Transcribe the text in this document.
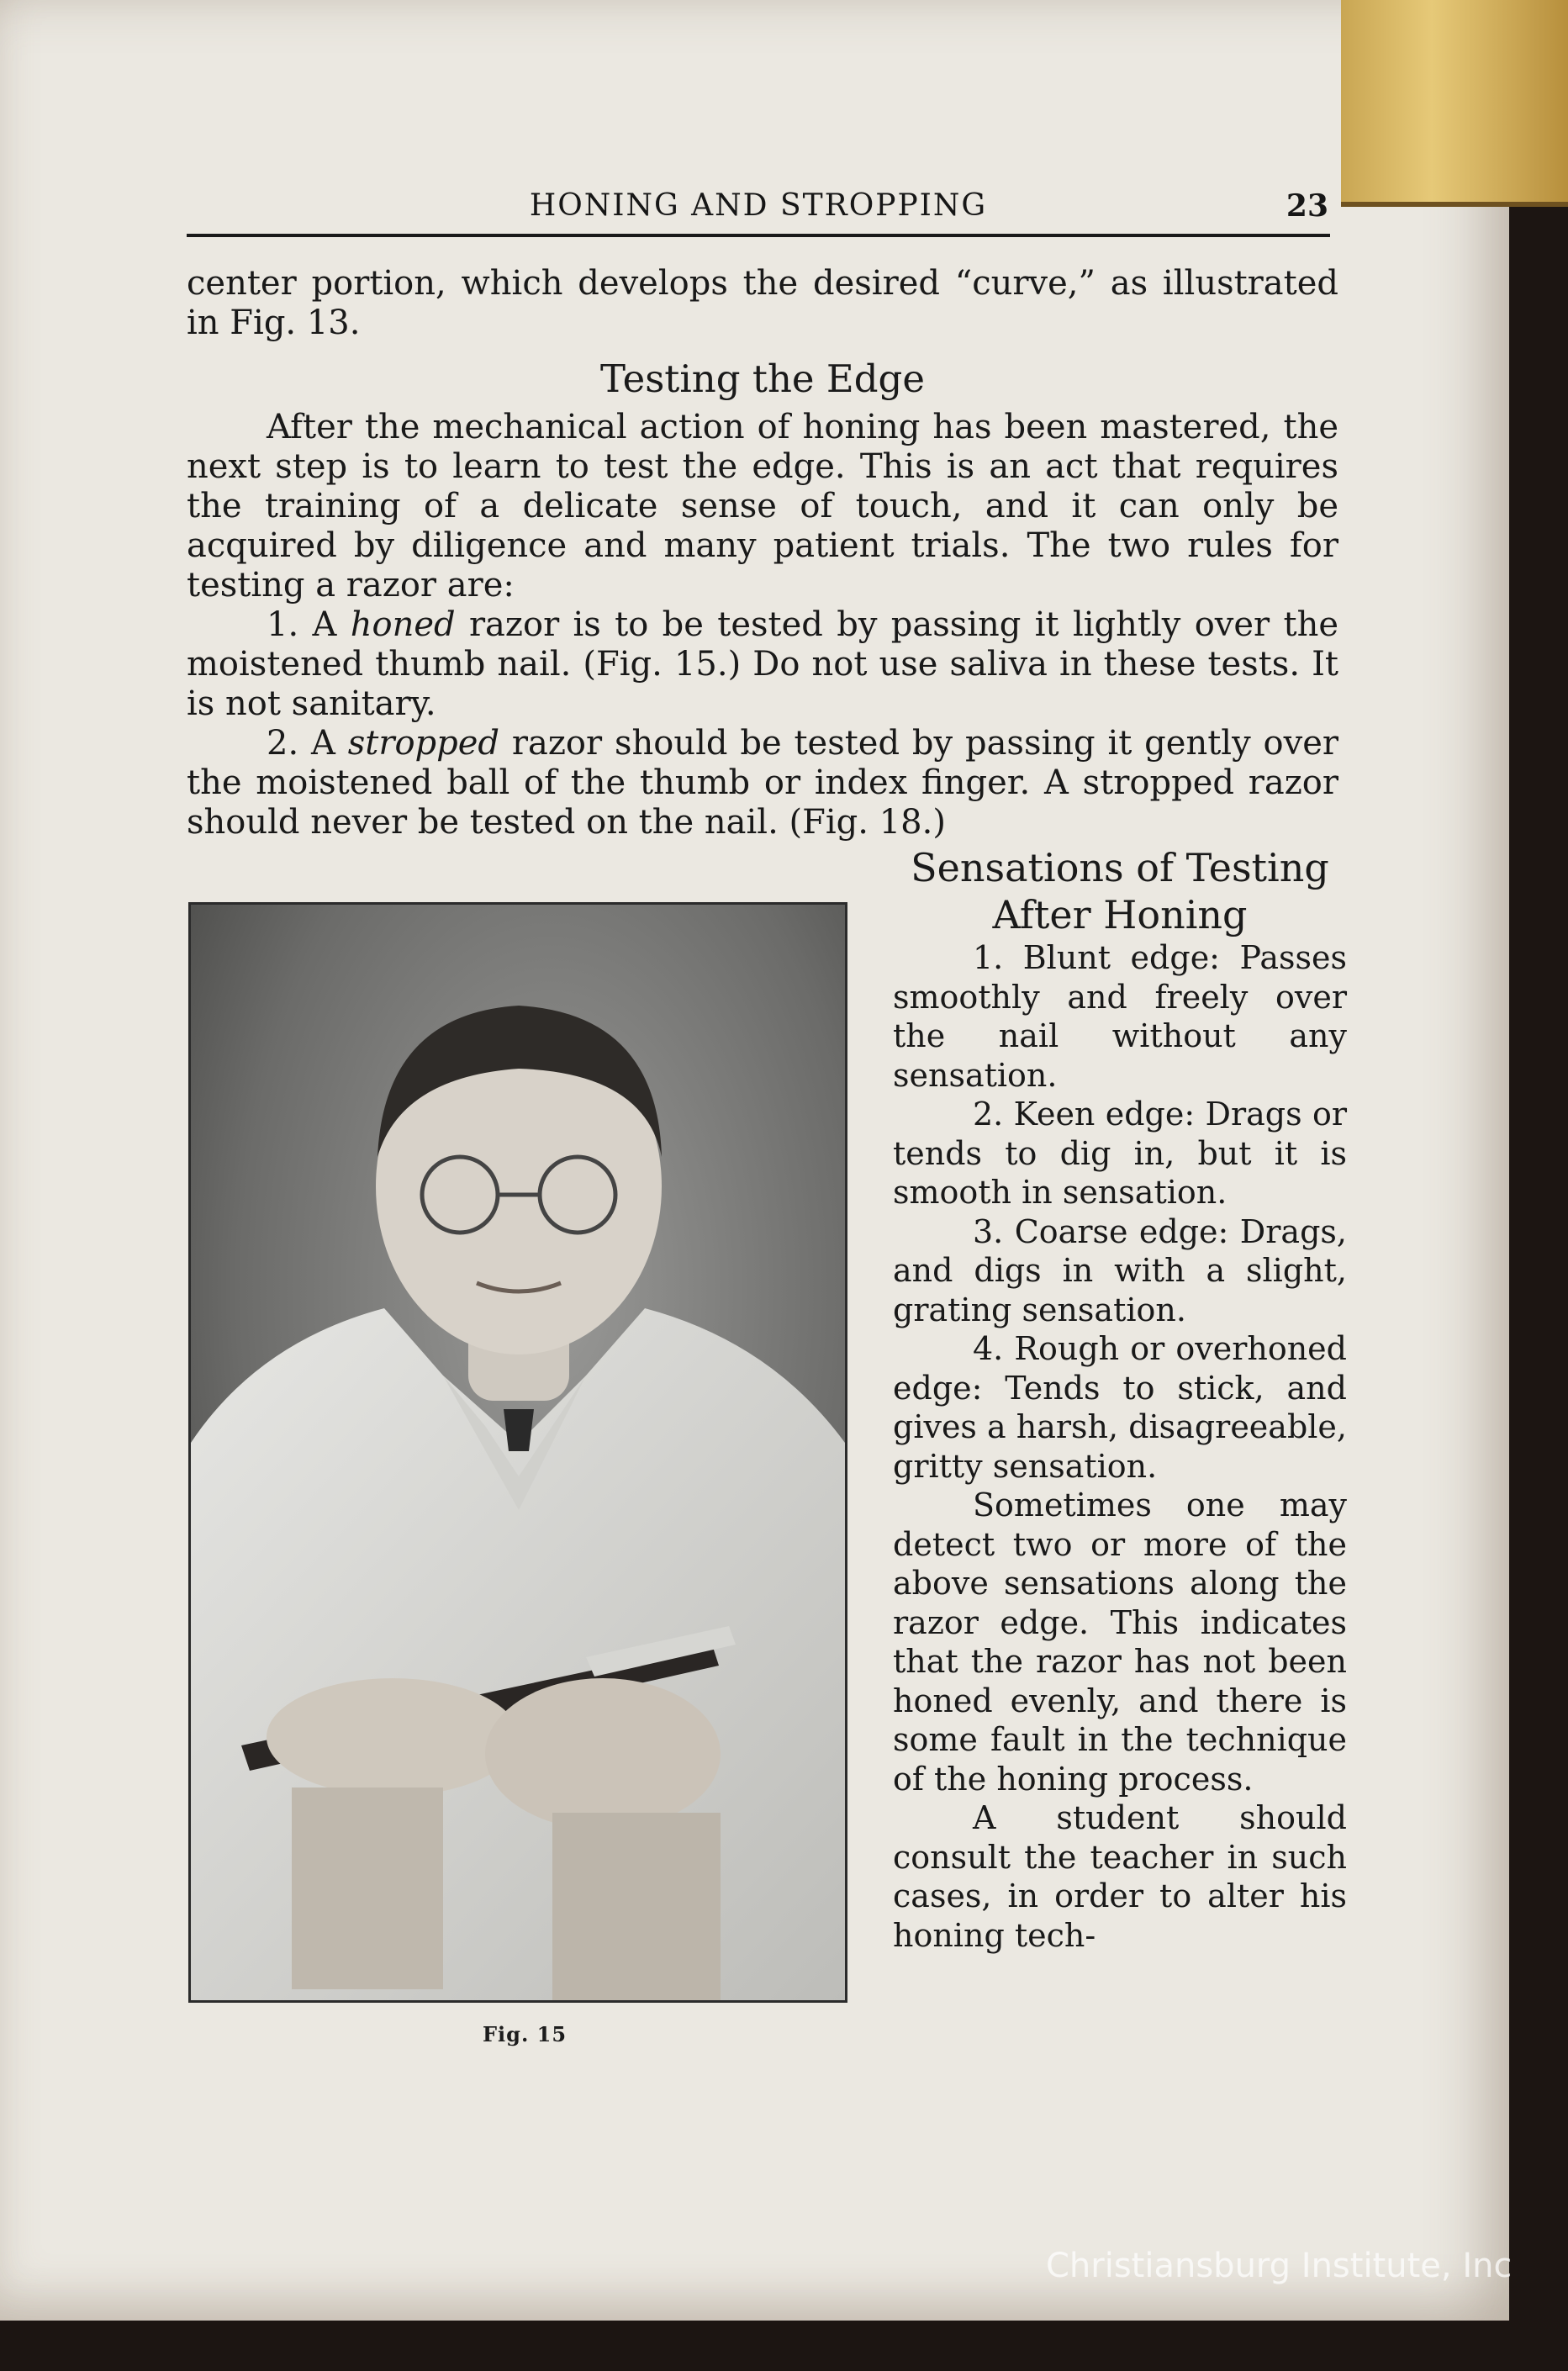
HONING AND STROPPING	23

center portion, which develops the desired “curve,” as illustrated in Fig. 13.

Testing the Edge

After the mechanical action of honing has been mastered, the next step is to learn to test the edge. This is an act that requires the training of a delicate sense of touch, and it can only be acquired by diligence and many patient trials. The two rules for testing a razor are:

1. A honed razor is to be tested by passing it lightly over the moistened thumb nail. (Fig. 15.) Do not use saliva in these tests. It is not sanitary.

2. A stropped razor should be tested by passing it gently over the moistened ball of the thumb or index finger. A stropped razor should never be tested on the nail. (Fig. 18.)

Fig. 15

Sensations of Testing

After Honing

1. Blunt edge: Passes smoothly and freely over the nail without any sensation.

2. Keen edge: Drags or tends to dig in, but it is smooth in sensation.

3. Coarse edge: Drags, and digs in with a slight, grating sensation.

4. Rough or overhoned edge: Tends to stick, and gives a harsh, disagreeable, gritty sensation.

Sometimes one may detect two or more of the above sensations along the razor edge. This indicates that the razor has not been honed evenly, and there is some fault in the technique of the honing process.

A student should consult the teacher in such cases, in order to alter his honing tech-

Christiansburg Institute, Inc
